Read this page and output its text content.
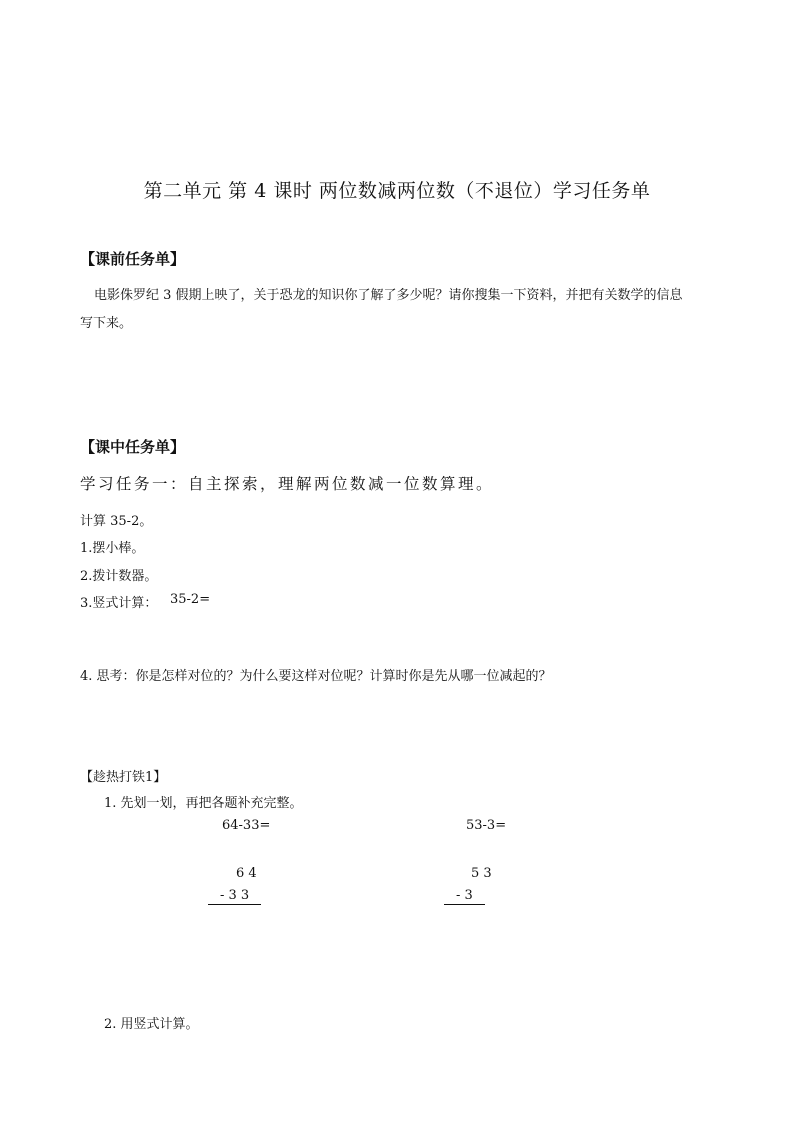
第二单元 第 4 课时 两位数减两位数（不退位）学习任务单
【课前任务单】
电影侏罗纪 3 假期上映了，关于恐龙的知识你了解了多少呢？请你搜集一下资料，并把有关数学的信息
写下来。
【课中任务单】
学习任务一：自主探索，理解两位数减一位数算理。
计算 35-2。
1.摆小棒。
2.拨计数器。
3.竖式计算： 35-2=
4. 思考：你是怎样对位的？为什么要这样对位呢？计算时你是先从哪一位减起的？
【趁热打铁1】
1. 先划一划，再把各题补充完整。
64-33=
6 4
- 3 3
53-3=
5 3
- 3
2. 用竖式计算。
